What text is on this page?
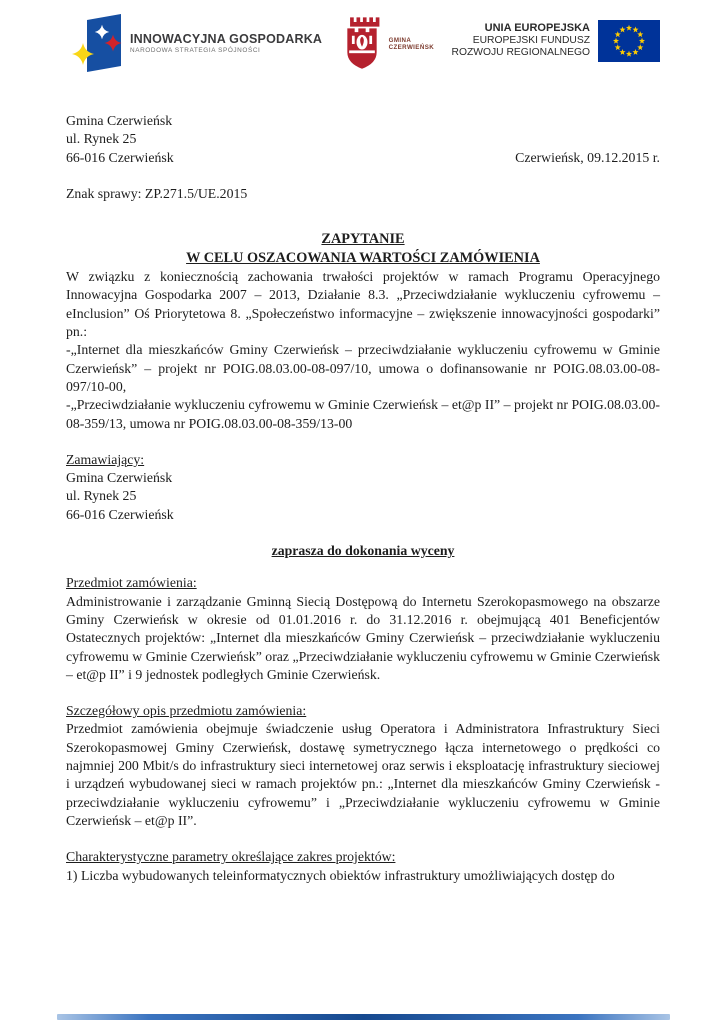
INNOWACYJNA GOSPODARKA
NARODOWA STRATEGIA SPÓJNOŚCI
GMINA
CZERWIEŃSK
UNIA EUROPEJSKA
EUROPEJSKI FUNDUSZ
ROZWOJU REGIONALNEGO
Gmina Czerwieńsk
ul. Rynek 25
66-016 Czerwieńsk	Czerwieńsk, 09.12.2015 r.
Znak sprawy: ZP.271.5/UE.2015
ZAPYTANIE
W CELU OSZACOWANIA WARTOŚCI ZAMÓWIENIA

W związku z koniecznością zachowania trwałości projektów w ramach Programu Operacyjnego Innowacyjna Gospodarka 2007 – 2013, Działanie 8.3. „Przeciwdziałanie wykluczeniu cyfrowemu – eInclusion” Oś Priorytetowa 8. „Społeczeństwo informacyjne – zwiększenie innowacyjności gospodarki” pn.:

-„Internet dla mieszkańców Gminy Czerwieńsk – przeciwdziałanie wykluczeniu cyfrowemu w Gminie Czerwieńsk” – projekt nr POIG.08.03.00-08-097/10, umowa o dofinansowanie nr POIG.08.03.00-08-097/10-00,

-„Przeciwdziałanie wykluczeniu cyfrowemu w Gminie Czerwieńsk – et@p II” – projekt nr POIG.08.03.00-08-359/13, umowa nr POIG.08.03.00-08-359/13-00

Zamawiający:
Gmina Czerwieńsk
ul. Rynek 25
66-016 Czerwieńsk
zaprasza do dokonania wyceny
Przedmiot zamówienia:

Administrowanie i zarządzanie Gminną Siecią Dostępową do Internetu Szerokopasmowego na obszarze Gminy Czerwieńsk w okresie od 01.01.2016 r. do 31.12.2016 r. obejmującą 401 Beneficjentów Ostatecznych projektów: „Internet dla mieszkańców Gminy Czerwieńsk – przeciwdziałanie wykluczeniu cyfrowemu w Gminie Czerwieńsk” oraz „Przeciwdziałanie wykluczeniu cyfrowemu w Gminie Czerwieńsk – et@p II” i 9 jednostek podległych Gminie Czerwieńsk.

Szczegółowy opis przedmiotu zamówienia:

Przedmiot zamówienia obejmuje świadczenie usług Operatora i Administratora Infrastruktury Sieci Szerokopasmowej Gminy Czerwieńsk, dostawę symetrycznego łącza internetowego o prędkości co najmniej 200 Mbit/s do infrastruktury sieci internetowej oraz serwis i eksploatację infrastruktury sieciowej i urządzeń wybudowanej sieci w ramach projektów pn.: „Internet dla mieszkańców Gminy Czerwieńsk - przeciwdziałanie wykluczeniu cyfrowemu” i „Przeciwdziałanie wykluczeniu cyfrowemu w Gminie Czerwieńsk – et@p II”.

Charakterystyczne parametry określające zakres projektów:

1) Liczba wybudowanych teleinformatycznych obiektów infrastruktury umożliwiających dostęp do
